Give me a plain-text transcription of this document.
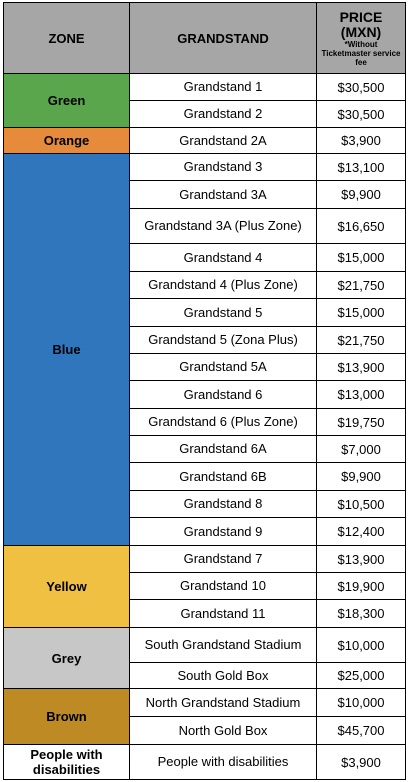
ZONE	GRANDSTAND	PRICE
(MXN)
*Without Ticketmaster service fee

Green	Grandstand 1	$30,500
	Grandstand 2	$30,500
Orange	Grandstand 2A	$3,900
Blue	Grandstand 3	$13,100
	Grandstand 3A	$9,900
	Grandstand 3A (Plus Zone)	$16,650
	Grandstand 4	$15,000
	Grandstand 4 (Plus Zone)	$21,750
	Grandstand 5	$15,000
	Grandstand 5 (Zona Plus)	$21,750
	Grandstand 5A	$13,900
	Grandstand 6	$13,000
	Grandstand 6 (Plus Zone)	$19,750
	Grandstand 6A	$7,000
	Grandstand 6B	$9,900
	Grandstand 8	$10,500
	Grandstand 9	$12,400
Yellow	Grandstand 7	$13,900
	Grandstand 10	$19,900
	Grandstand 11	$18,300
Grey	South Grandstand Stadium	$10,000
	South Gold Box	$25,000
Brown	North Grandstand Stadium	$10,000
	North Gold Box	$45,700
People with disabilities	People with disabilities	$3,900
